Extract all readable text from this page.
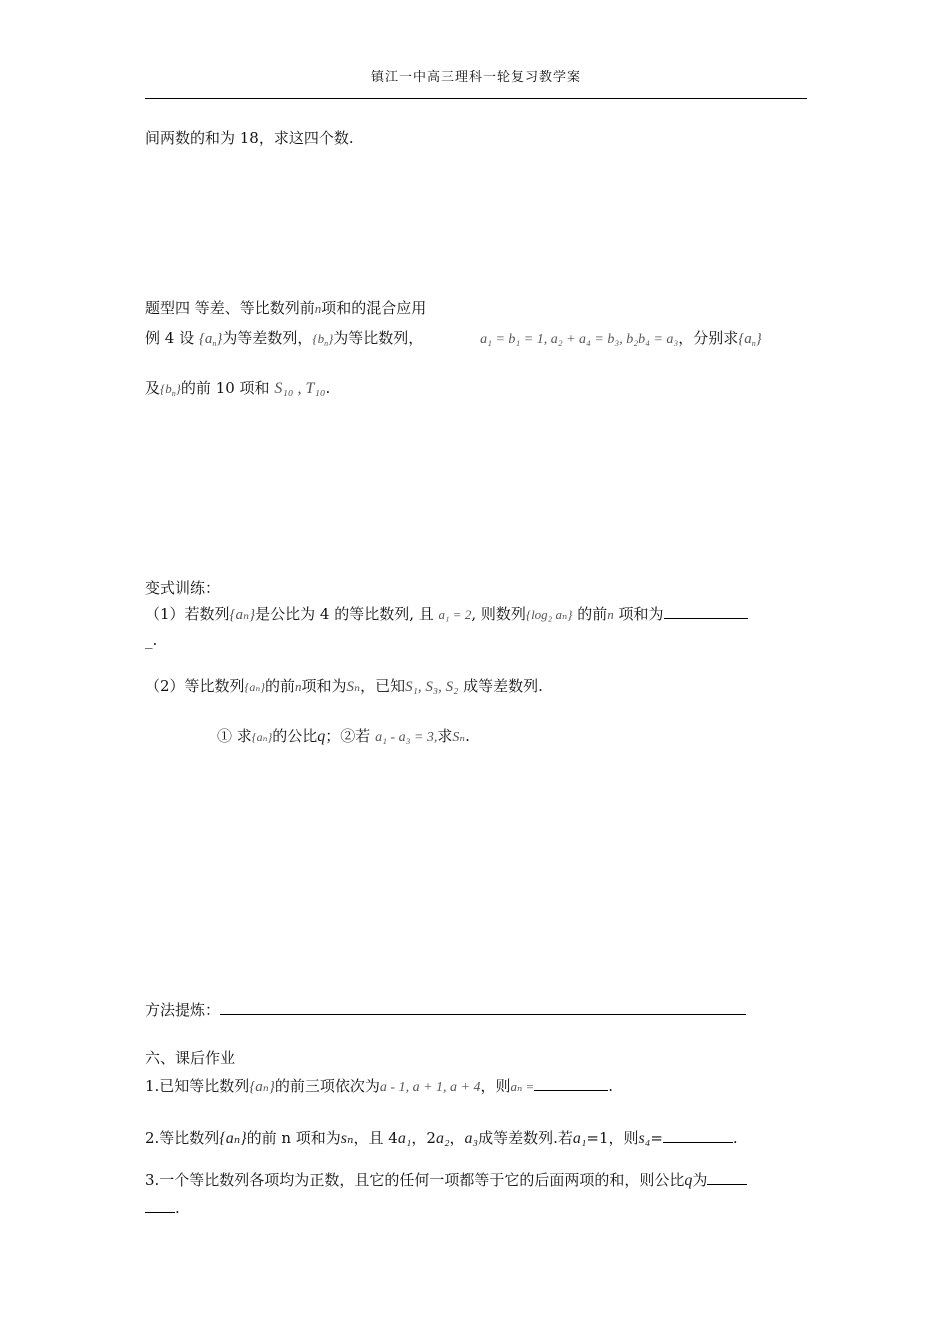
镇江一中高三理科一轮复习教学案
间两数的和为 18，求这四个数.
题型四 等差、等比数列前n项和的混合应用
例 4 设 $\{a_n\}$为等差数列，$\{b_n\}$为等比数列，	a₁ = b₁ = 1, a₂ + a₄ = b₃, b₂b₄ = a₃，分别求$\{a_n\}$
及$\{b_n\}$的前 10 项和 S₁₀ , T₁₀.
变式训练：
（1）若数列{aₙ}是公比为 4 的等比数列, 且 a₁ = 2, 则数列{log₂ aₙ} 的前n 项和为
_.
（2）等比数列{aₙ}的前n项和为Sₙ，已知S₁, S₃, S₂ 成等差数列.
① 求{aₙ}的公比q；②若 a₁ - a₃ = 3,求Sₙ.
方法提炼：
六、课后作业
1.已知等比数列{aₙ}的前三项依次为a - 1, a + 1, a + 4，则aₙ =	.
2.等比数列{aₙ}的前 n 项和为sₙ，且 4a₁，2a₂，a₃成等差数列.若a₁=1，则s₄=	.
3.一个等比数列各项均为正数，且它的任何一项都等于它的后面两项的和，则公比q为
.
